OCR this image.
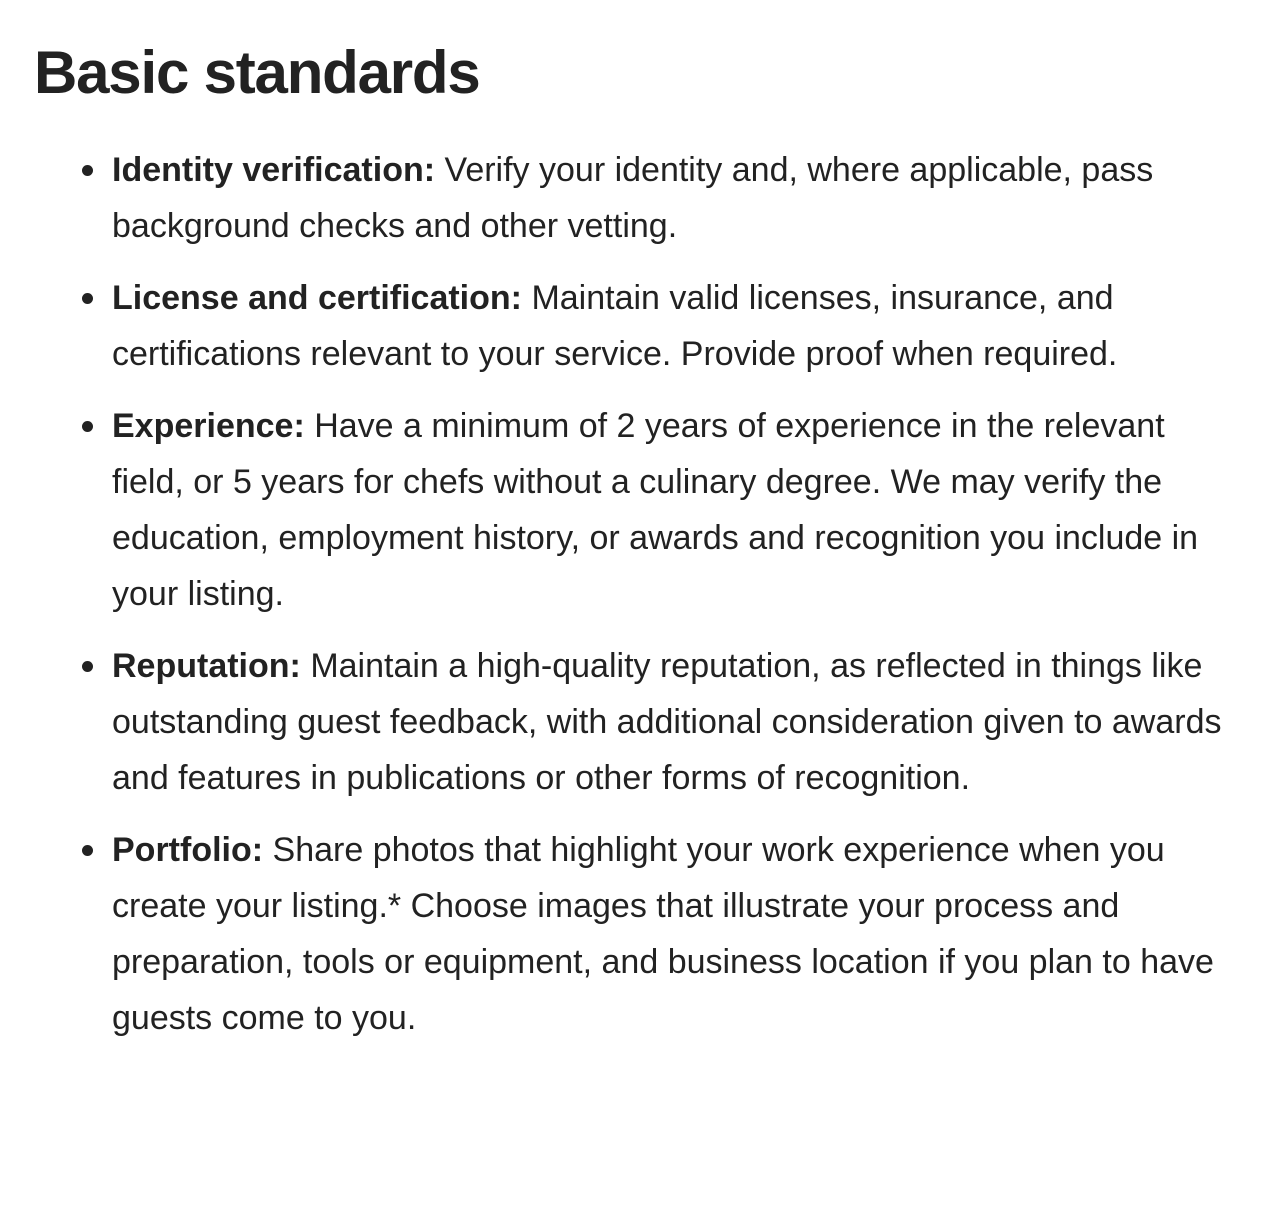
Basic standards
Identity verification: Verify your identity and, where applicable, pass background checks and other vetting.
License and certification: Maintain valid licenses, insurance, and certifications relevant to your service. Provide proof when required.
Experience: Have a minimum of 2 years of experience in the relevant field, or 5 years for chefs without a culinary degree. We may verify the education, employment history, or awards and recognition you include in your listing.
Reputation: Maintain a high-quality reputation, as reflected in things like outstanding guest feedback, with additional consideration given to awards and features in publications or other forms of recognition.
Portfolio: Share photos that highlight your work experience when you create your listing.* Choose images that illustrate your process and preparation, tools or equipment, and business location if you plan to have guests come to you.
